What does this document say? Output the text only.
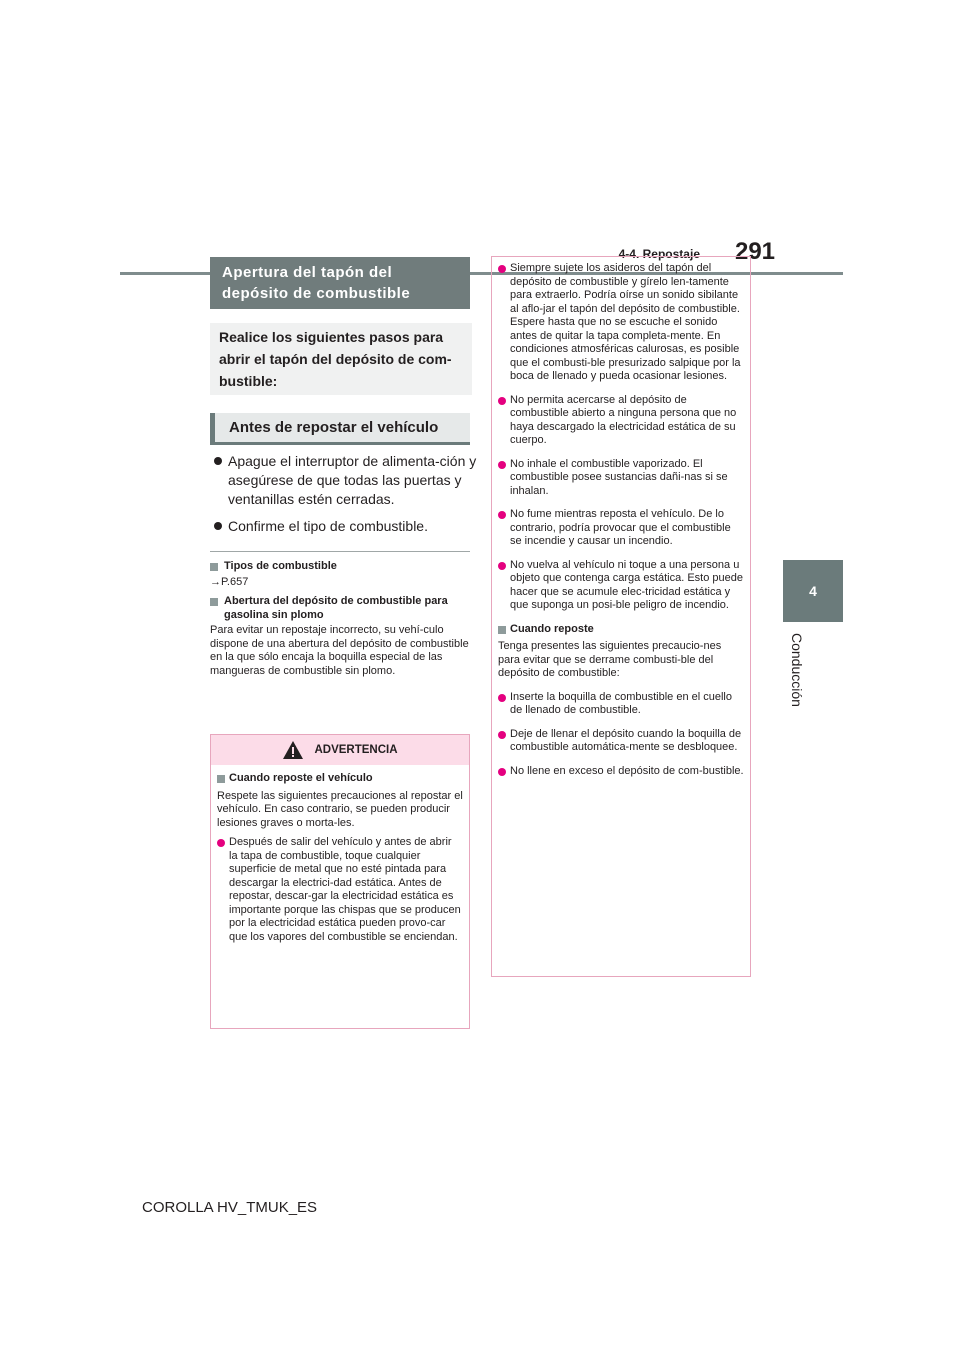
4-4. Repostaje 291
4
Conducción
Apertura del tapón del depósito de combustible
Realice los siguientes pasos para abrir el tapón del depósito de com-bustible:
Antes de repostar el vehículo
Apague el interruptor de alimenta-ción y asegúrese de que todas las puertas y ventanillas estén cerradas.
Confirme el tipo de combustible.
Tipos de combustible

→P.657

Abertura del depósito de combustible para gasolina sin plomo

Para evitar un repostaje incorrecto, su vehí-culo dispone de una abertura del depósito de combustible en la que sólo encaja la boquilla especial de las mangueras de combustible sin plomo.

ADVERTENCIA
Cuando reposte el vehículo

Respete las siguientes precauciones al repostar el vehículo. En caso contrario, se pueden producir lesiones graves o morta-les.

Después de salir del vehículo y antes de abrir la tapa de combustible, toque cualquier superficie de metal que no esté pintada para descargar la electrici-dad estática. Antes de repostar, descar-gar la electricidad estática es importante porque las chispas que se producen por la electricidad estática pueden provo-car que los vapores del combustible se enciendan.
Siempre sujete los asideros del tapón del depósito de combustible y gírelo len-tamente para extraerlo. Podría oírse un sonido sibilante al aflo-jar el tapón del depósito de combustible. Espere hasta que no se escuche el sonido antes de quitar la tapa completa-mente. En condiciones atmosféricas calurosas, es posible que el combusti-ble presurizado salpique por la boca de llenado y pueda ocasionar lesiones.
No permita acercarse al depósito de combustible abierto a ninguna persona que no haya descargado la electricidad estática de su cuerpo.
No inhale el combustible vaporizado. El combustible posee sustancias dañi-nas si se inhalan.
No fume mientras reposta el vehículo. De lo contrario, podría provocar que el combustible se incendie y causar un incendio.
No vuelva al vehículo ni toque a una persona u objeto que contenga carga estática. Esto puede hacer que se acumule elec-tricidad estática y que suponga un posi-ble peligro de incendio.
Cuando reposte

Tenga presentes las siguientes precaucio-nes para evitar que se derrame combusti-ble del depósito de combustible:

Inserte la boquilla de combustible en el cuello de llenado de combustible.
Deje de llenar el depósito cuando la boquilla de combustible automática-mente se desbloquee.
No llene en exceso el depósito de com-bustible.
COROLLA HV_TMUK_ES
